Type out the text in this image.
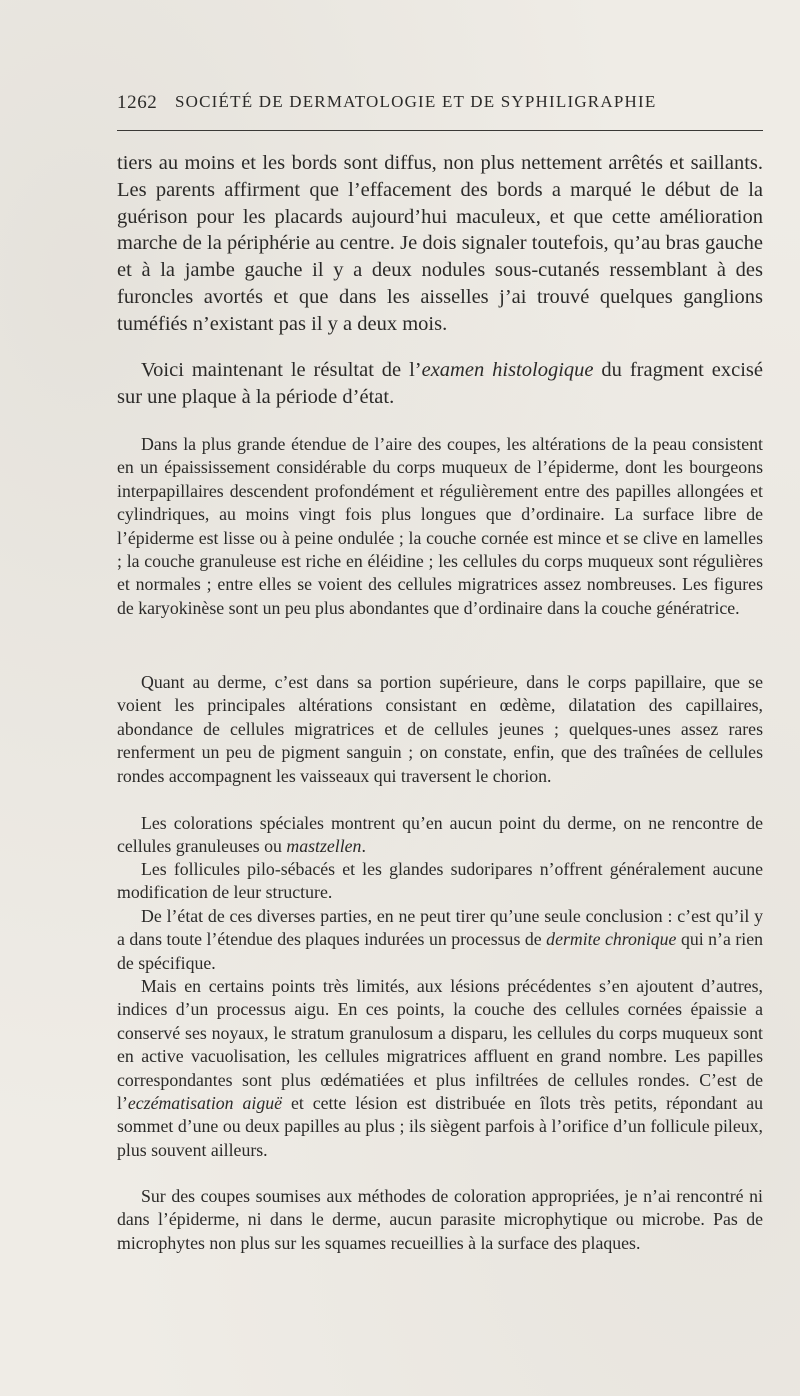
1262 SOCIÉTÉ DE DERMATOLOGIE ET DE SYPHILIGRAPHIE

tiers au moins et les bords sont diffus, non plus nettement arrêtés et saillants. Les parents affirment que l’effacement des bords a marqué le début de la guérison pour les placards aujourd’hui maculeux, et que cette amélioration marche de la périphérie au centre. Je dois signaler toutefois, qu’au bras gauche et à la jambe gauche il y a deux nodules sous-cutanés ressemblant à des furoncles avortés et que dans les aisselles j’ai trouvé quelques ganglions tuméfiés n’existant pas il y a deux mois.

Voici maintenant le résultat de l’examen histologique du fragment excisé sur une plaque à la période d’état.

Dans la plus grande étendue de l’aire des coupes, les altérations de la peau consistent en un épaississement considérable du corps muqueux de l’épiderme, dont les bourgeons interpapillaires descendent profondément et régulièrement entre des papilles allongées et cylindriques, au moins vingt fois plus longues que d’ordinaire. La surface libre de l’épiderme est lisse ou à peine ondulée ; la couche cornée est mince et se clive en lamelles ; la couche granuleuse est riche en éléidine ; les cellules du corps muqueux sont régulières et normales ; entre elles se voient des cellules migratrices assez nombreuses. Les figures de karyokinèse sont un peu plus abondantes que d’ordinaire dans la couche génératrice.

Quant au derme, c’est dans sa portion supérieure, dans le corps papillaire, que se voient les principales altérations consistant en œdème, dilatation des capillaires, abondance de cellules migratrices et de cellules jeunes ; quelques-unes assez rares renferment un peu de pigment sanguin ; on constate, enfin, que des traînées de cellules rondes accompagnent les vaisseaux qui traversent le chorion.

Les colorations spéciales montrent qu’en aucun point du derme, on ne rencontre de cellules granuleuses ou mastzellen.

Les follicules pilo-sébacés et les glandes sudoripares n’offrent généralement aucune modification de leur structure.

De l’état de ces diverses parties, en ne peut tirer qu’une seule conclusion : c’est qu’il y a dans toute l’étendue des plaques indurées un processus de dermite chronique qui n’a rien de spécifique.

Mais en certains points très limités, aux lésions précédentes s’en ajoutent d’autres, indices d’un processus aigu. En ces points, la couche des cellules cornées épaissie a conservé ses noyaux, le stratum granulosum a disparu, les cellules du corps muqueux sont en active vacuolisation, les cellules migratrices affluent en grand nombre. Les papilles correspondantes sont plus œdématiées et plus infiltrées de cellules rondes. C’est de l’eczématisation aiguë et cette lésion est distribuée en îlots très petits, répondant au sommet d’une ou deux papilles au plus ; ils siègent parfois à l’orifice d’un follicule pileux, plus souvent ailleurs.

Sur des coupes soumises aux méthodes de coloration appropriées, je n’ai rencontré ni dans l’épiderme, ni dans le derme, aucun parasite microphytique ou microbe. Pas de microphytes non plus sur les squames recueillies à la surface des plaques.
